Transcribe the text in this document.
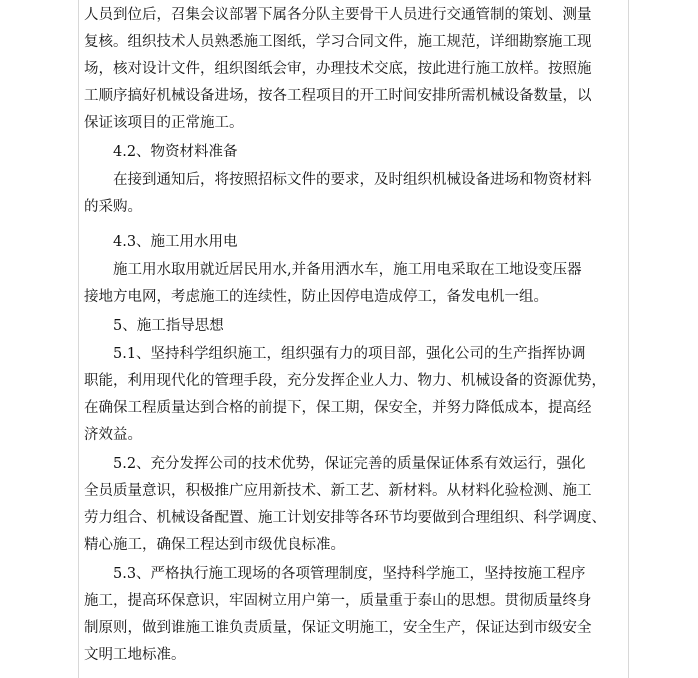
人员到位后，召集会议部署下属各分队主要骨干人员进行交通管制的策划、测量
复核。组织技术人员熟悉施工图纸，学习合同文件，施工规范，详细勘察施工现
场，核对设计文件，组织图纸会审，办理技术交底，按此进行施工放样。按照施
工顺序搞好机械设备进场，按各工程项目的开工时间安排所需机械设备数量，以
保证该项目的正常施工。
4.2、物资材料准备
在接到通知后，将按照招标文件的要求，及时组织机械设备进场和物资材料
的采购。
4.3、施工用水用电
施工用水取用就近居民用水,并备用洒水车，施工用电采取在工地设变压器
接地方电网，考虑施工的连续性，防止因停电造成停工，备发电机一组。
5、施工指导思想
5.1、坚持科学组织施工，组织强有力的项目部，强化公司的生产指挥协调
职能，利用现代化的管理手段，充分发挥企业人力、物力、机械设备的资源优势，
在确保工程质量达到合格的前提下，保工期，保安全，并努力降低成本，提高经
济效益。
5.2、充分发挥公司的技术优势，保证完善的质量保证体系有效运行，强化
全员质量意识，积极推广应用新技术、新工艺、新材料。从材料化验检测、施工
劳力组合、机械设备配置、施工计划安排等各环节均要做到合理组织、科学调度、
精心施工，确保工程达到市级优良标准。
5.3、严格执行施工现场的各项管理制度，坚持科学施工，坚持按施工程序
施工，提高环保意识，牢固树立用户第一，质量重于泰山的思想。贯彻质量终身
制原则，做到谁施工谁负责质量，保证文明施工，安全生产，保证达到市级安全
文明工地标准。
